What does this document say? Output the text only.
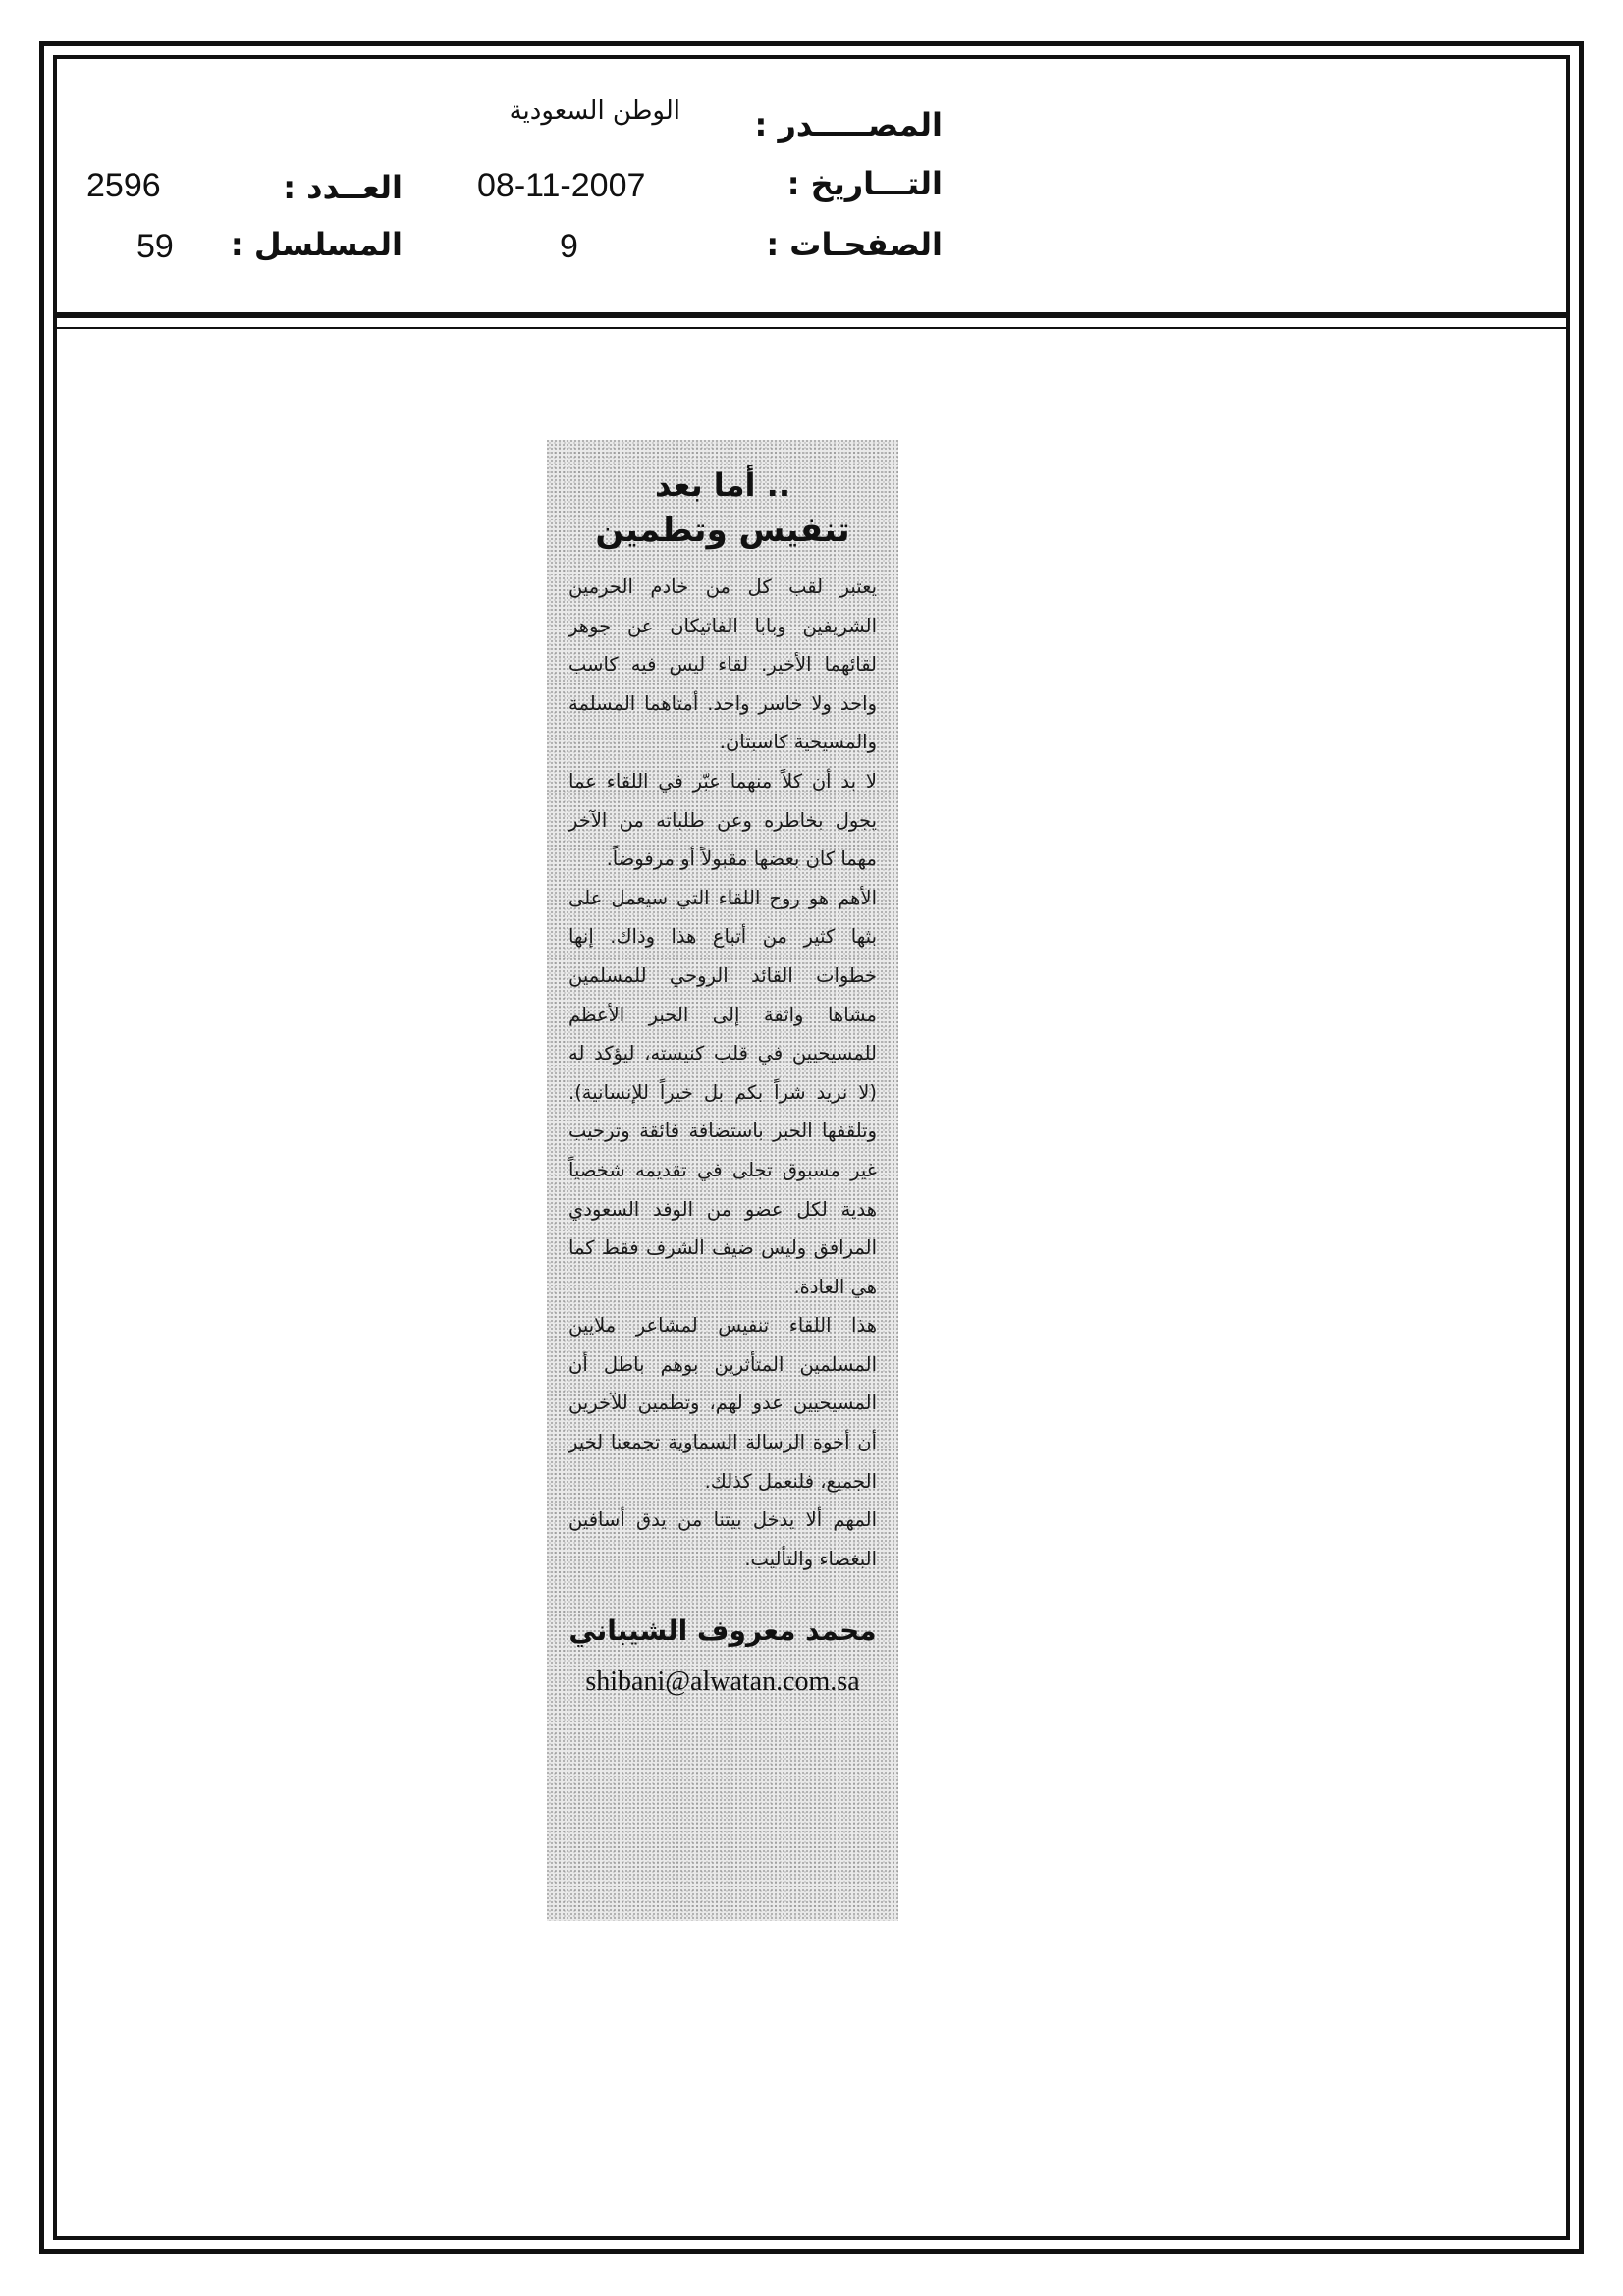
المصـــــدر :
الوطن السعودية
التـــاريخ :
08-11-2007
العــدد :
2596
الصفحـات :
9
المسلسل :
59
.. أما بعد
تنفيس وتطمين

يعتبر لقب كل من خادم الحرمين الشريفين وبابا الفاتيكان عن جوهر لقائهما الأخير. لقاء ليس فيه كاسب واحد ولا خاسر واحد. أمتاهما المسلمة والمسيحية كاسبتان.

لا بد أن كلاً منهما عبّر في اللقاء عما يجول بخاطره وعن طلباته من الآخر مهما كان بعضها مقبولاً أو مرفوضاً.

الأهم هو روح اللقاء التي سيعمل على بثها كثير من أتباع هذا وذاك. إنها خطوات القائد الروحي للمسلمين مشاها واثقة إلى الحبر الأعظم للمسيحيين في قلب كنيسته، ليؤكد له (لا نريد شراً بكم بل خيراً للإنسانية). وتلقفها الحبر باستضافة فائقة وترحيب غير مسبوق تجلى في تقديمه شخصياً هدية لكل عضو من الوفد السعودي المرافق وليس ضيف الشرف فقط كما هي العادة.

هذا اللقاء تنفيس لمشاعر ملايين المسلمين المتأثرين بوهم باطل أن المسيحيين عدو لهم، وتطمين للآخرين أن أخوة الرسالة السماوية تجمعنا لخير الجميع، فلنعمل كذلك.

المهم ألا يدخل بيتنا من يدق أسافين البغضاء والتأليب.

محمد معروف الشيباني
shibani@alwatan.com.sa
